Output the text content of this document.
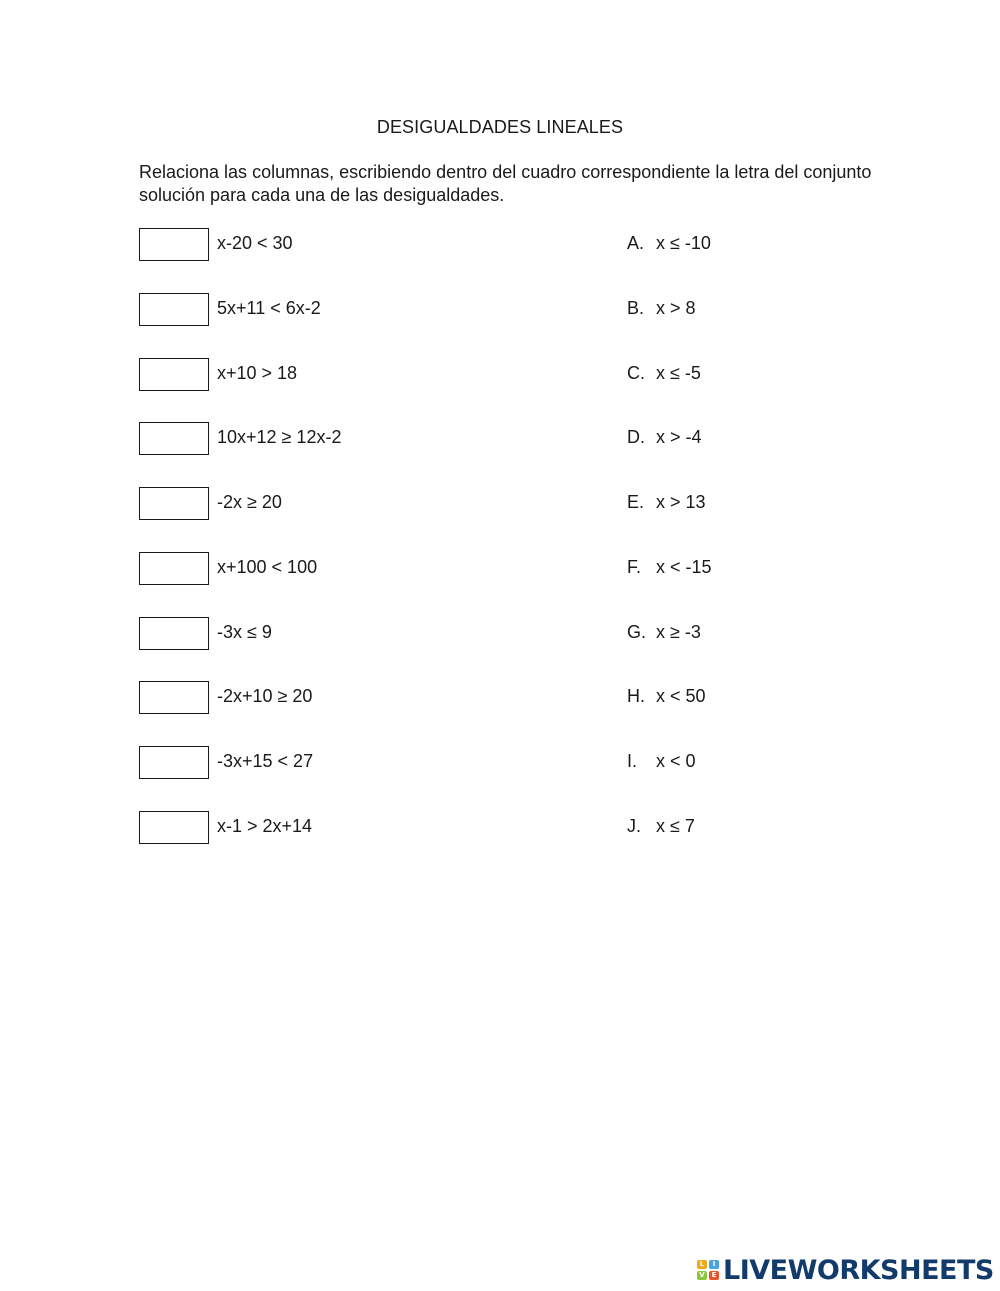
DESIGUALDADES LINEALES
Relaciona las columnas, escribiendo dentro del cuadro correspondiente la letra del conjunto solución para cada una de las desigualdades.
x-20 < 30	A. x ≤ -10
5x+11 < 6x-2	B. x > 8
x+10 > 18	C. x ≤ -5
10x+12 ≥ 12x-2	D. x > -4
-2x ≥ 20	E. x > 13
x+100 < 100	F. x < -15
-3x ≤ 9	G. x ≥ -3
-2x+10 ≥ 20	H. x < 50
-3x+15 < 27	I. x < 0
x-1 > 2x+14	J. x ≤ 7
L	I
V E LIVEWORKSHEETS
